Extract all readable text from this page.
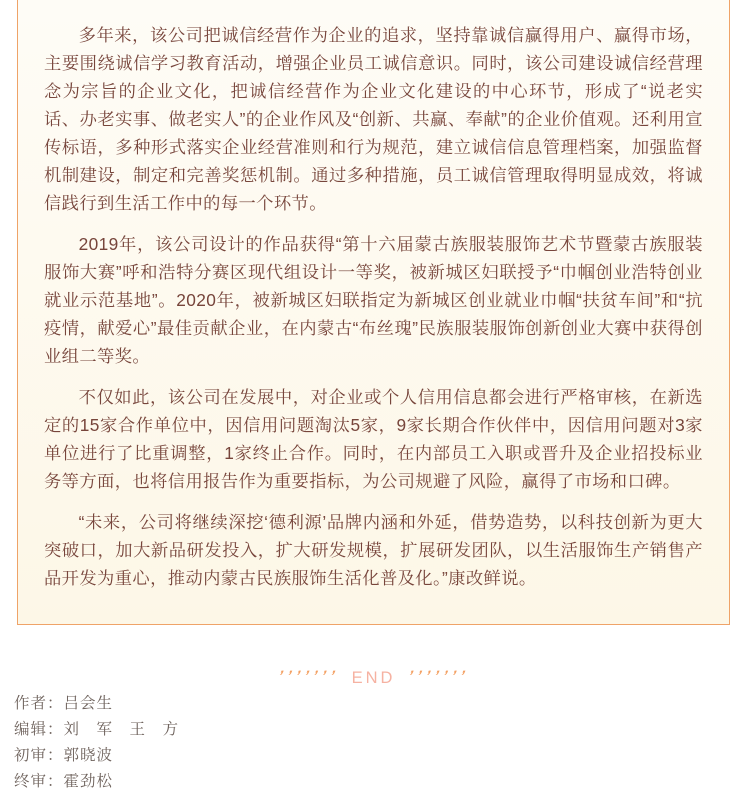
多年来，该公司把诚信经营作为企业的追求，坚持靠诚信赢得用户、赢得市场，主要围绕诚信学习教育活动，增强企业员工诚信意识。同时，该公司建设诚信经营理念为宗旨的企业文化，把诚信经营作为企业文化建设的中心环节，形成了“说老实话、办老实事、做老实人”的企业作风及“创新、共赢、奉献”的企业价值观。还利用宣传标语，多种形式落实企业经营准则和行为规范，建立诚信信息管理档案，加强监督机制建设，制定和完善奖惩机制。通过多种措施，员工诚信管理取得明显成效，将诚信践行到生活工作中的每一个环节。

2019年，该公司设计的作品获得“第十六届蒙古族服装服饰艺术节暨蒙古族服装服饰大赛”呼和浩特分赛区现代组设计一等奖，被新城区妇联授予“巾帼创业浩特创业就业示范基地”。2020年，被新城区妇联指定为新城区创业就业巾帼“扶贫车间”和“抗疫情，献爱心”最佳贡献企业，在内蒙古“布丝瑰”民族服装服饰创新创业大赛中获得创业组二等奖。

不仅如此，该公司在发展中，对企业或个人信用信息都会进行严格审核，在新选定的15家合作单位中，因信用问题淘汰5家，9家长期合作伙伴中，因信用问题对3家单位进行了比重调整，1家终止合作。同时，在内部员工入职或晋升及企业招投标业务等方面，也将信用报告作为重要指标，为公司规避了风险，赢得了市场和口碑。

“未来，公司将继续深挖‘德利源’品牌内涵和外延，借势造势，以科技创新为更大突破口，加大新品研发投入，扩大研发规模，扩展研发团队，以生活服饰生产销售产品开发为重心，推动内蒙古民族服饰生活化普及化。”康改鲜说。

’’’’’’’ END ’’’’’’’

作者：吕会生

编辑：刘　军　王　方

初审：郭晓波

终审：霍劲松
